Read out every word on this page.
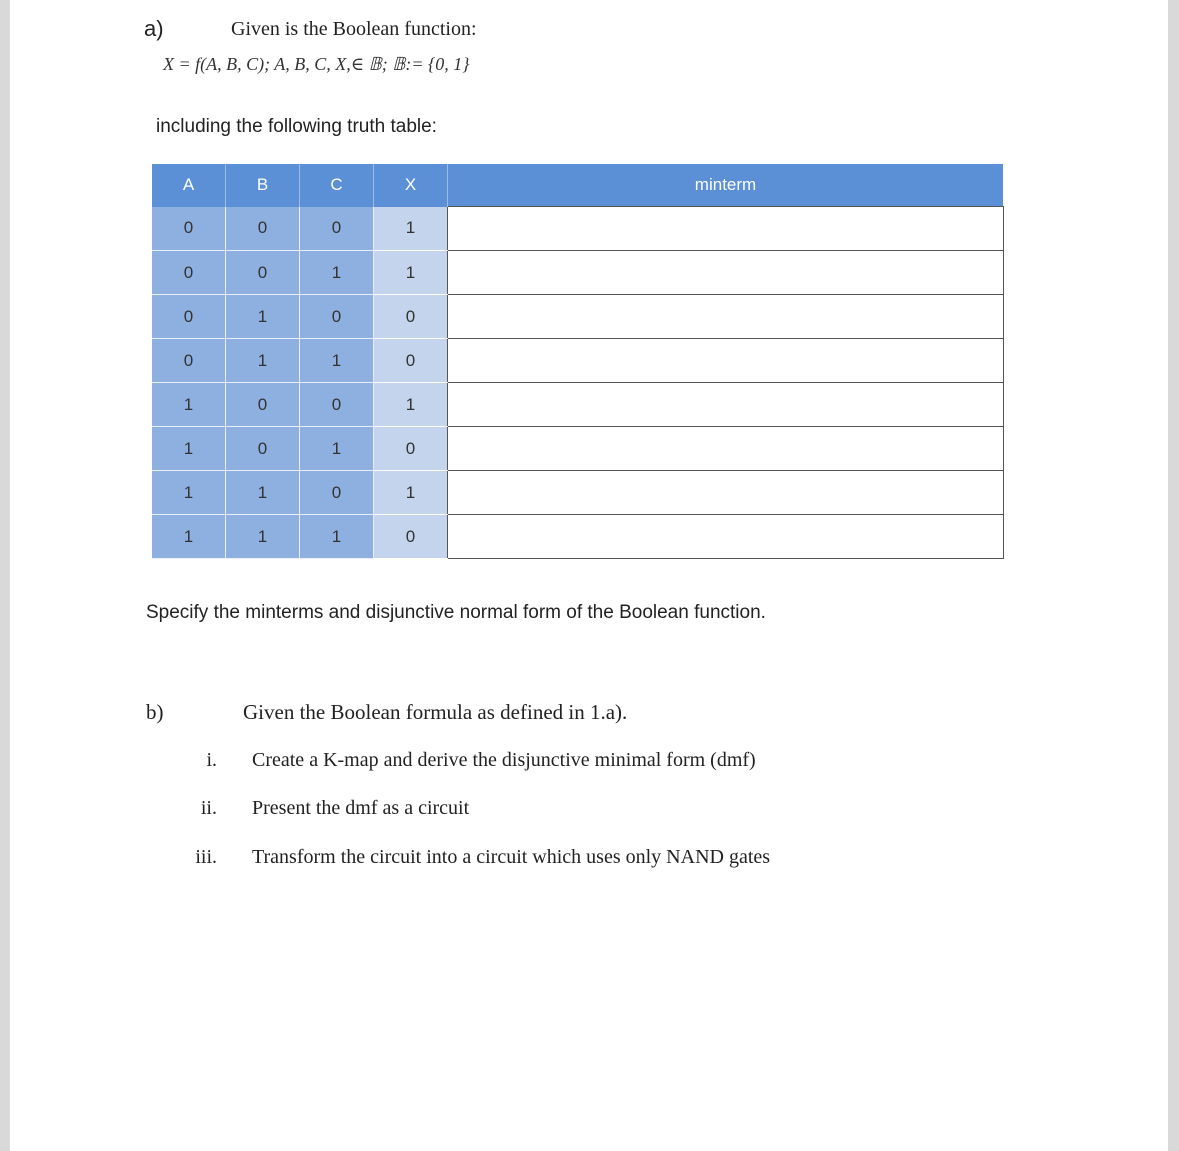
a)	Given is the Boolean function:
X = f(A, B, C); A, B, C, X,∈ 𝔹; 𝔹:= {0, 1}
including the following truth table:
A	B	C	X	minterm
0	0	0	1	
0	0	1	1	
0	1	0	0	
0	1	1	0	
1	0	0	1	
1	0	1	0	
1	1	0	1	
1	1	1	0	
Specify the minterms and disjunctive normal form of the Boolean function.
b)	Given the Boolean formula as defined in 1.a).
i. Create a K-map and derive the disjunctive minimal form (dmf)
ii. Present the dmf as a circuit
iii. Transform the circuit into a circuit which uses only NAND gates
